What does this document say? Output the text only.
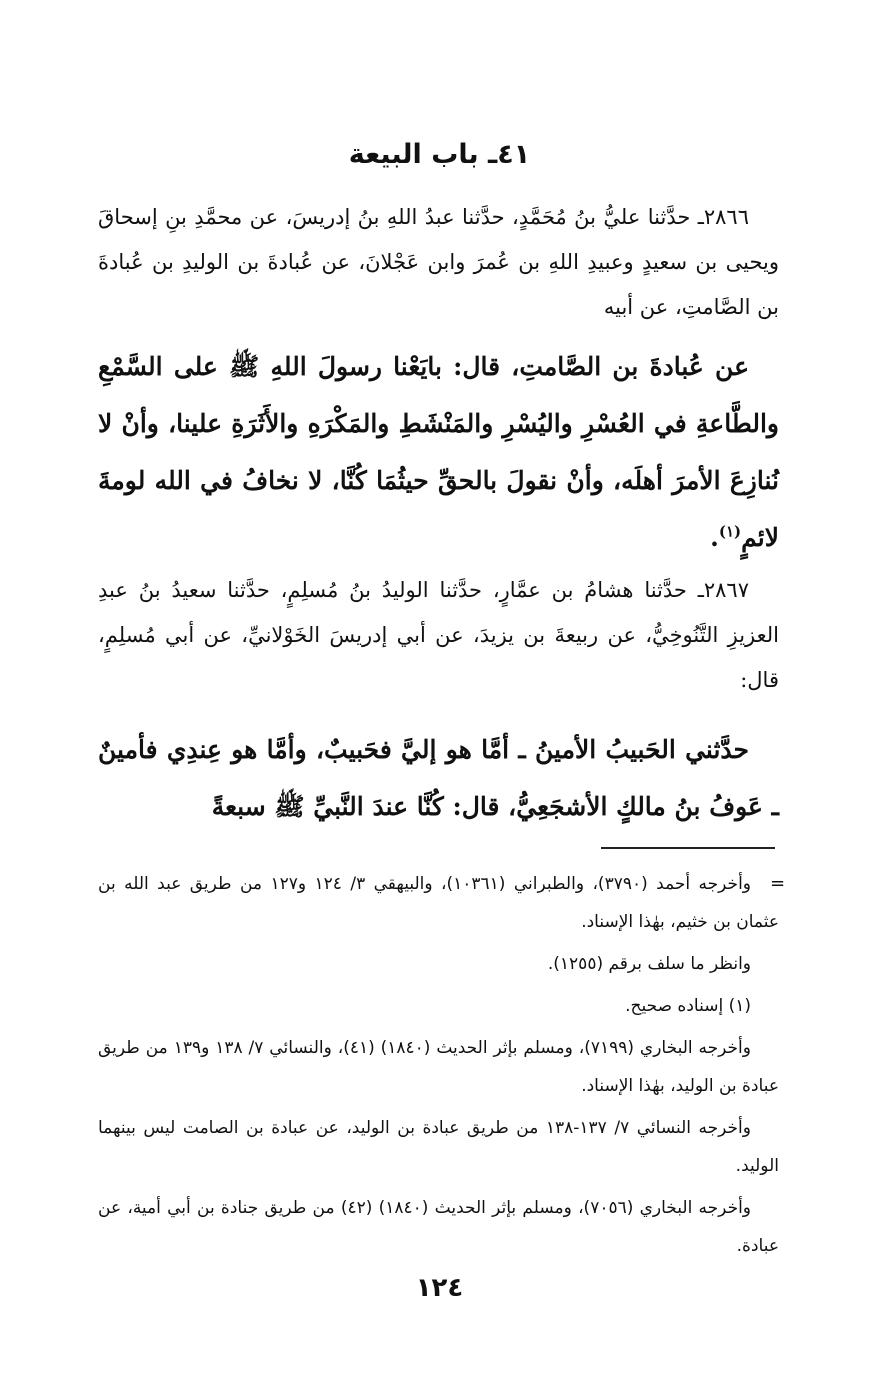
٤١ـ باب البيعة
٢٨٦٦ـ حدَّثنا عليُّ بنُ مُحَمَّدٍ، حدَّثنا عبدُ اللهِ بنُ إدريسَ، عن محمَّدِ بنِ إسحاقَ ويحيى بن سعيدٍ وعبيدِ اللهِ بن عُمرَ وابن عَجْلانَ، عن عُبادةَ بن الوليدِ بن عُبادةَ بن الصَّامتِ، عن أبيه
عن عُبادةَ بن الصَّامتِ، قال: بايَعْنا رسولَ اللهِ ﷺ على السَّمْعِ والطَّاعةِ في العُسْرِ واليُسْرِ والمَنْشَطِ والمَكْرَهِ والأَثَرَةِ علينا، وأنْ لا نُنازِعَ الأمرَ أهلَه، وأنْ نقولَ بالحقِّ حيثُمَا كُنَّا، لا نخافُ في الله لومةَ لائمٍ$^{(١)}$.
٢٨٦٧ـ حدَّثنا هشامُ بن عمَّارٍ، حدَّثنا الوليدُ بنُ مُسلِمٍ، حدَّثنا سعيدُ بنُ عبدِ العزيزِ التَّنُوخِيُّ، عن ربيعةَ بن يزيدَ، عن أبي إدريسَ الخَوْلانيِّ، عن أبي مُسلِمٍ، قال:
حدَّثني الحَبيبُ الأمينُ ـ أمَّا هو إليَّ فحَبيبٌ، وأمَّا هو عِندِي فأمينٌ ـ عَوفُ بنُ مالكٍ الأشجَعِيُّ، قال: كُنَّا عندَ النَّبيِّ ﷺ سبعةً
=

وأخرجه أحمد (٣٧٩٠)، والطبراني (١٠٣٦١)، والبيهقي ٣/ ١٢٤ و١٢٧ من طريق عبد الله بن عثمان بن خثيم، بهٰذا الإسناد.

وانظر ما سلف برقم (١٢٥٥).

(١) إسناده صحيح.

وأخرجه البخاري (٧١٩٩)، ومسلم بإثر الحديث (١٨٤٠) (٤١)، والنسائي ٧/ ١٣٨ و١٣٩ من طريق عبادة بن الوليد، بهٰذا الإسناد.

وأخرجه النسائي ٧/ ١٣٧-١٣٨ من طريق عبادة بن الوليد، عن عبادة بن الصامت ليس بينهما الوليد.

وأخرجه البخاري (٧٠٥٦)، ومسلم بإثر الحديث (١٨٤٠) (٤٢) من طريق جنادة بن أبي أمية، عن عبادة.

١٢٤
